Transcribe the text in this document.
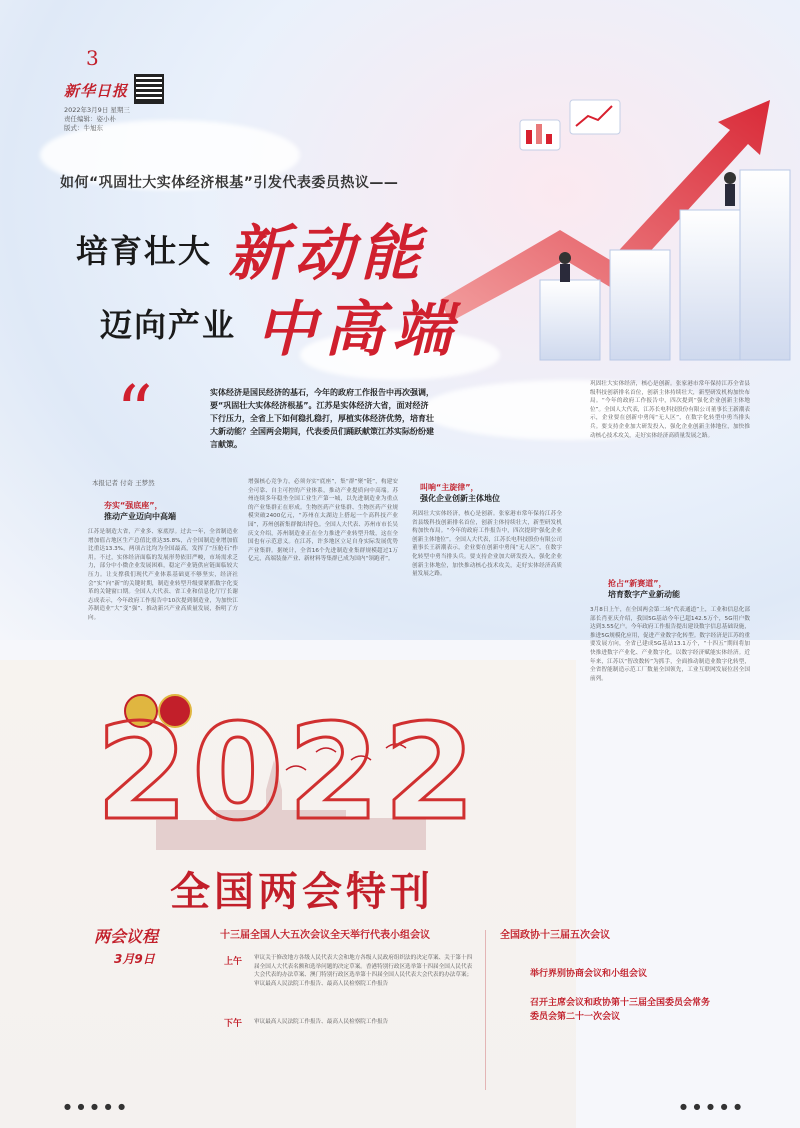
3
新华日报
2022年3月9日 星期三
责任编辑：姿小朴
版式：牛旭东
如何“巩固壮大实体经济根基”引发代表委员热议——
培育壮大 新动能
迈向产业 中高端
“	实体经济是国民经济的基石，今年的政府工作报告中再次强调，要“巩固壮大实体经济根基”。江苏是实体经济大省，面对经济下行压力，全省上下如何稳扎稳打，厚植实体经济优势，培育壮大新动能？全国两会期间，代表委员们踊跃献策江苏实际纷纷建言献策。
本报记者 付奇 王梦然
夯实“强底座”，
推动产业迈向中高端
江苏是制造大省，产业多、家底厚。过去一年，全省制造业增加值占地区生产总值比重达35.8%，占全国制造业增加值比重达13.3%，两项占比均为全国最高，发挥了“压舱石”作用。不过，实体经济面临的发展形势依旧严峻，市场需求乏力，部分中小微企业发展困难，稳定产业链供应链面临较大压力。让支撑我们现代产业体系基础更不够坚实，经济社会“实”向“新”的关键时期，制造业转型升级要紧抓数字化变革的关键窗口期。全国人大代表、省工业和信息化厅厅长谢志成表示，今年政府工作报告中10次提到制造业，为加快江苏制造业“大”变“强”、推动新兴产业高质量发展，指明了方向。
增强核心竞争力，必须夯实“底座”，集“群”聚“链”，构建安全可靠、自主可控的产业体系，推动产业提质向中高端。苏州连续多年稳坐全国工业生产第一城，以先进制造业为重点的产业集群正在形成。生物医药产业集群、生物医药产业规模突破2400亿元，“苏州在太湖边上搭起一个高科技产业园”，苏州创新集群做出特色。全国人大代表、苏州市市长吴庆文介绍，苏州制造业正在全力推进产业转型升级，这在全国也有示范意义。在江苏，许多地区立足自身实际发展优势产业集群。据统计，全省16个先进制造业集群规模超过1万亿元，高端装备产业、新材料等集群已成为国内“领跑者”。
叫响“主旋律”，
强化企业创新主体地位
巩固壮大实体经济，核心是创新。张家港市常年保持江苏全省县级科技创新排名首位，创新主体持续壮大，新型研发机构加快布局。“今年的政府工作报告中，四次提到“强化企业创新主体地位”。全国人大代表，江苏长电科技股份有限公司董事长王新潮表示，企业要在创新中勇闯“无人区”，在数字化转型中勇当排头兵。要支持企业加大研发投入，强化企业创新主体地位，加快推动核心技术攻关，走好实体经济高质量发展之路。
巩固壮大实体经济，核心是创新。张家港市常年保持江苏全省县级科技创新排名首位，创新主体持续壮大，新型研发机构加快布局。“今年的政府工作报告中，四次提到“强化企业创新主体地位”。全国人大代表，江苏长电科技股份有限公司董事长王新潮表示，企业要在创新中勇闯“无人区”，在数字化转型中勇当排头兵。要支持企业加大研发投入，强化企业创新主体地位，加快推动核心技术攻关，走好实体经济高质量发展之路。
抢占“新赛道”，
培育数字产业新动能
3月8日上午，在全国两会第二场“代表通道”上，工业和信息化部部长肖亚庆介绍，我国5G基站今年已超142.5万个，5G用户数达到3.55亿户。今年政府工作报告提出建设数字信息基础设施，推进5G规模化应用，促进产业数字化转型。数字经济是江苏的重要发展方向，全省已建成5G基站13.1万个，“十四五”期间将加快推进数字产业化、产业数字化，以数字经济赋能实体经济。近年来，江苏以“智改数转”为抓手，全面推动制造业数字化转型，全省智能制造示范工厂数量全国领先，工业互联网发展位居全国前列。
2022
全国两会特刊
两会议程
3月9日
十三届全国人大五次会议全天举行代表小组会议
上午 审议关于修改地方各级人民代表大会和地方各级人民政府组织法的决定草案、关于第十四届全国人大代表名额和选举问题的决定草案。香港特别行政区选举第十四届全国人民代表大会代表的办法草案、澳门特别行政区选举第十四届全国人民代表大会代表的办法草案；审议最高人民法院工作报告、最高人民检察院工作报告
下午 审议最高人民法院工作报告、最高人民检察院工作报告
全国政协十三届五次会议
举行界别协商会议和小组会议
召开主席会议和政协第十三届全国委员会常务委员会第二十一次会议
● ● ● ● ●	● ● ● ● ●
